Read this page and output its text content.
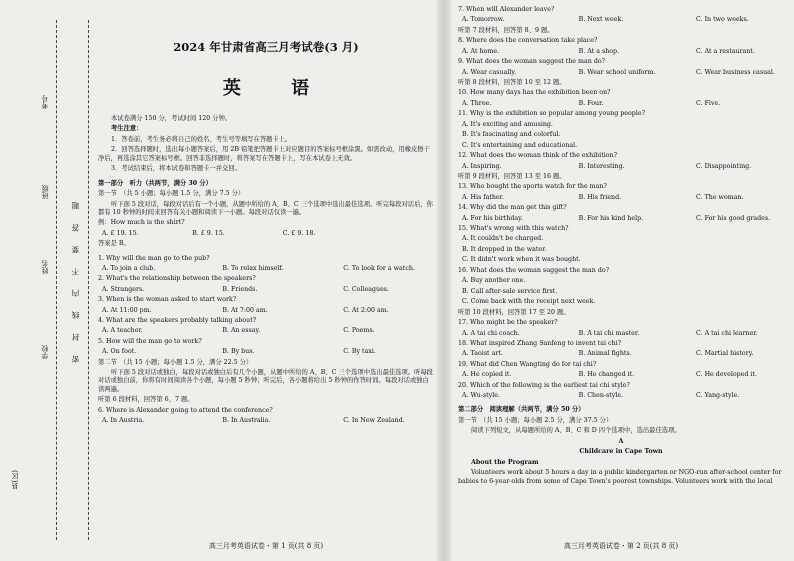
县(区)
学校
姓名
班级
考号
密 封 线 内 不 要 答 题
2024 年甘肃省高三月考试卷(3 月)
英 语
本试卷满分 150 分，考试时间 120 分钟。
考生注意：
1．答卷前，考生务必将自己的姓名、考生号等填写在答题卡上。
2．回答选择题时，选出每小题答案后，用 2B 铅笔把答题卡上对应题目的答案标号框涂黑。如需改动，用橡皮擦干净后，再选涂其它答案标号框。回答非选择题时，将答案写在答题卡上，写在本试卷上无效。
3．考试结束后，将本试卷和答题卡一并交回。
第一部分　听力（共两节，满分 30 分）
第一节　（共 5 小题；每小题 1.5 分，满分 7.5 分）
听下面 5 段对话，每段对话后有一个小题，从题中所给的 A、B、C 三个选项中选出最佳选项。听完每段对话后，你都有 10 秒钟的时间来回答有关小题和阅读下一小题。每段对话仅读一遍。
例：How much is the shirt?
A. £ 19. 15.	B. £ 9. 15.	C. £ 9. 18.
答案是 B。
1. Why will the man go to the pub?
A. To join a club.	B. To relax himself.	C. To look for a watch.
2. What's the relationship between the speakers?
A. Strangers.	B. Friends.	C. Colleagues.
3. When is the woman asked to start work?
A. At 11:00 pm.	B. At 7:00 am.	C. At 2:00 am.
4. What are the speakers probably talking about?
A. A teacher.	B. An essay.	C. Poems.
5. How will the man go to work?
A. On foot.	B. By bus.	C. By taxi.
第二节　（共 15 小题；每小题 1.5 分，满分 22.5 分）
听下面 5 段对话或独白，每段对话或独白后有几个小题，从题中所给的 A、B、C 三个选项中选出最佳选项。听每段对话或独白前，你将有时间阅读各个小题，每小题 5 秒钟；听完后，各小题将给出 5 秒钟的作答时间。每段对话或独白读两遍。
听第 6 段材料，回答第 6、7 题。
6. Where is Alexander going to attend the conference?
A. In Austria.	B. In Australia.	C. In New Zealand.
高三月考英语试卷・第 1 页(共 8 页)
7. When will Alexander leave?
A. Tomorrow.	B. Next week.	C. In two weeks.
听第 7 段材料，回答第 8、9 题。
8. Where does the conversation take place?
A. At home.	B. At a shop.	C. At a restaurant.
9. What does the woman suggest the man do?
A. Wear casually.	B. Wear school uniform.	C. Wear business casual.
听第 8 段材料，回答第 10 至 12 题。
10. How many days has the exhibition been on?
A. Three.	B. Four.	C. Five.
11. Why is the exhibition so popular among young people?
A. It's exciting and amusing.
B. It's fascinating and colorful.
C. It's entertaining and educational.
12. What does the woman think of the exhibition?
A. Inspiring.	B. Interesting.	C. Disappointing.
听第 9 段材料，回答第 13 至 16 题。
13. Who bought the sports watch for the man?
A. His father.	B. His friend.	C. The woman.
14. Why did the man get this gift?
A. For his birthday.	B. For his kind help.	C. For his good grades.
15. What's wrong with this watch?
A. It couldn't be charged.
B. It dropped in the water.
C. It didn't work when it was bought.
16. What does the woman suggest the man do?
A. Buy another one.
B. Call after-sale service first.
C. Come back with the receipt next week.
听第 10 段材料，回答第 17 至 20 题。
17. Who might be the speaker?
A. A tai chi coach.	B. A tai chi master.	C. A tai chi learner.
18. What inspired Zhang Sanfeng to invent tai chi?
A. Taoist art.	B. Animal fights.	C. Martial history.
19. What did Chen Wangting do for tai chi?
A. He copied it.	B. He changed it.	C. He developed it.
20. Which of the following is the earliest tai chi style?
A. Wu-style.	B. Chen-style.	C. Yang-style.
第二部分　阅读理解（共两节，满分 50 分）
第一节　（共 15 小题；每小题 2.5 分，满分 37.5 分）
阅读下列短文，从每题所给的 A、B、C 和 D 四个选项中，选出最佳选项。
A
Childcare in Cape Town
About the Program
Volunteers work about 5 hours a day in a public kindergarten or NGO-run after-school center for babies to 6-year-olds from some of Cape Town's poorest townships. Volunteers work with the local
高三月考英语试卷・第 2 页(共 8 页)
